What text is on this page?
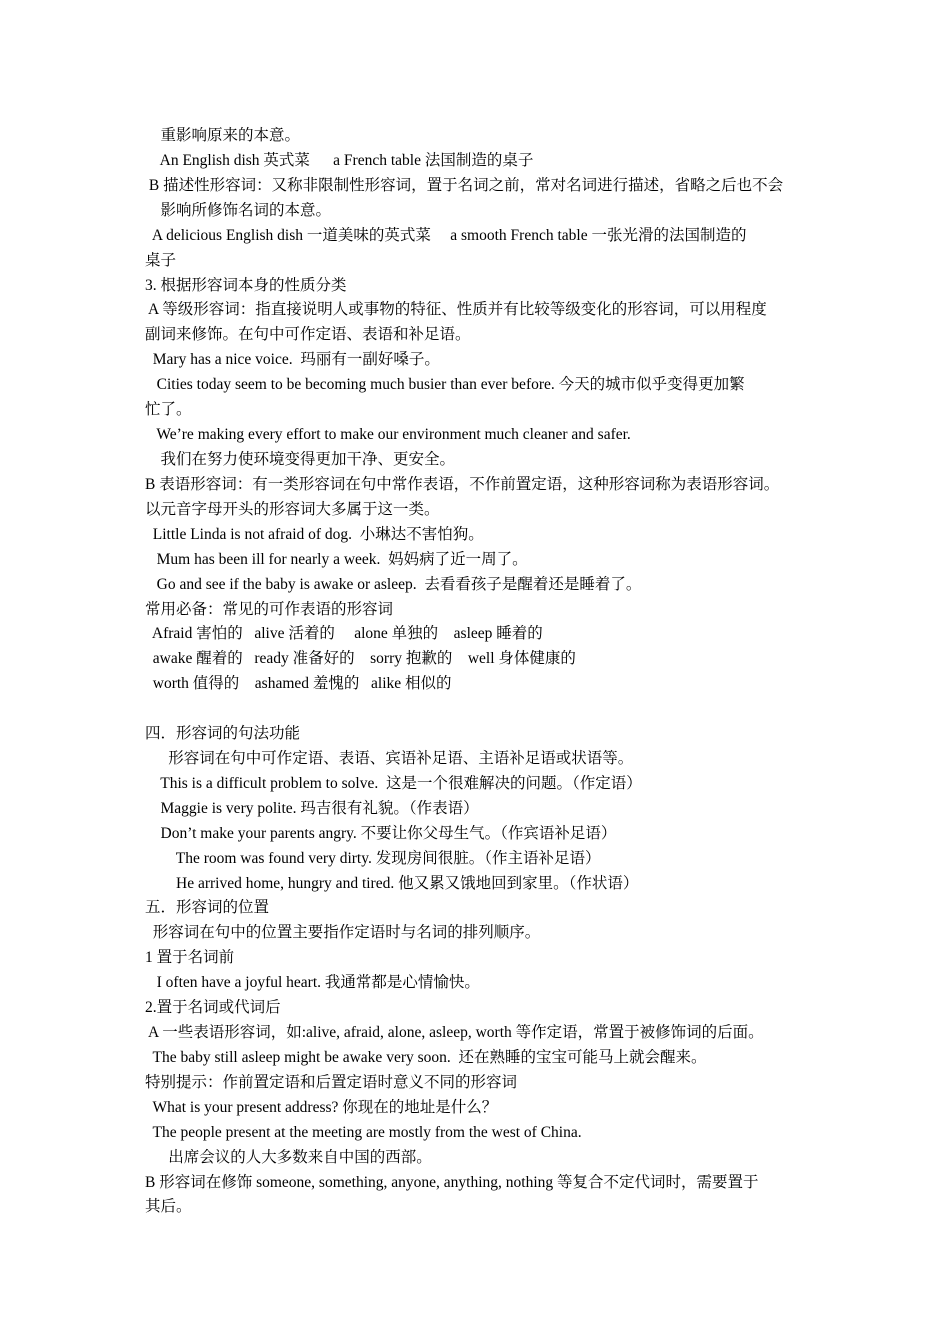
重影响原来的本意。
An English dish 英式菜      a French table 法国制造的桌子
B 描述性形容词：又称非限制性形容词，置于名词之前，常对名词进行描述，省略之后也不会
影响所修饰名词的本意。
A delicious English dish 一道美味的英式菜     a smooth French table 一张光滑的法国制造的
桌子
3. 根据形容词本身的性质分类
A 等级形容词：指直接说明人或事物的特征、性质并有比较等级变化的形容词，可以用程度
副词来修饰。在句中可作定语、表语和补足语。
Mary has a nice voice.  玛丽有一副好嗓子。
Cities today seem to be becoming much busier than ever before. 今天的城市似乎变得更加繁
忙了。
We’re making every effort to make our environment much cleaner and safer.
我们在努力使环境变得更加干净、更安全。
B 表语形容词：有一类形容词在句中常作表语，不作前置定语，这种形容词称为表语形容词。
以元音字母开头的形容词大多属于这一类。
Little Linda is not afraid of dog.  小琳达不害怕狗。
Mum has been ill for nearly a week.  妈妈病了近一周了。
Go and see if the baby is awake or asleep.  去看看孩子是醒着还是睡着了。
常用必备：常见的可作表语的形容词
Afraid 害怕的   alive 活着的     alone 单独的    asleep 睡着的
awake 醒着的   ready 准备好的    sorry 抱歉的    well 身体健康的
worth 值得的    ashamed 羞愧的   alike 相似的
四．形容词的句法功能
形容词在句中可作定语、表语、宾语补足语、主语补足语或状语等。
This is a difficult problem to solve.  这是一个很难解决的问题。（作定语）
Maggie is very polite. 玛吉很有礼貌。（作表语）
Don’t make your parents angry. 不要让你父母生气。（作宾语补足语）
The room was found very dirty. 发现房间很脏。（作主语补足语）
He arrived home, hungry and tired. 他又累又饿地回到家里。（作状语）
五．形容词的位置
形容词在句中的位置主要指作定语时与名词的排列顺序。
1 置于名词前
I often have a joyful heart. 我通常都是心情愉快。
2.置于名词或代词后
A 一些表语形容词，如:alive, afraid, alone, asleep, worth 等作定语，常置于被修饰词的后面。
The baby still asleep might be awake very soon.  还在熟睡的宝宝可能马上就会醒来。
特别提示：作前置定语和后置定语时意义不同的形容词
What is your present address? 你现在的地址是什么？
The people present at the meeting are mostly from the west of China.
出席会议的人大多数来自中国的西部。
B 形容词在修饰 someone, something, anyone, anything, nothing 等复合不定代词时，需要置于
其后。
